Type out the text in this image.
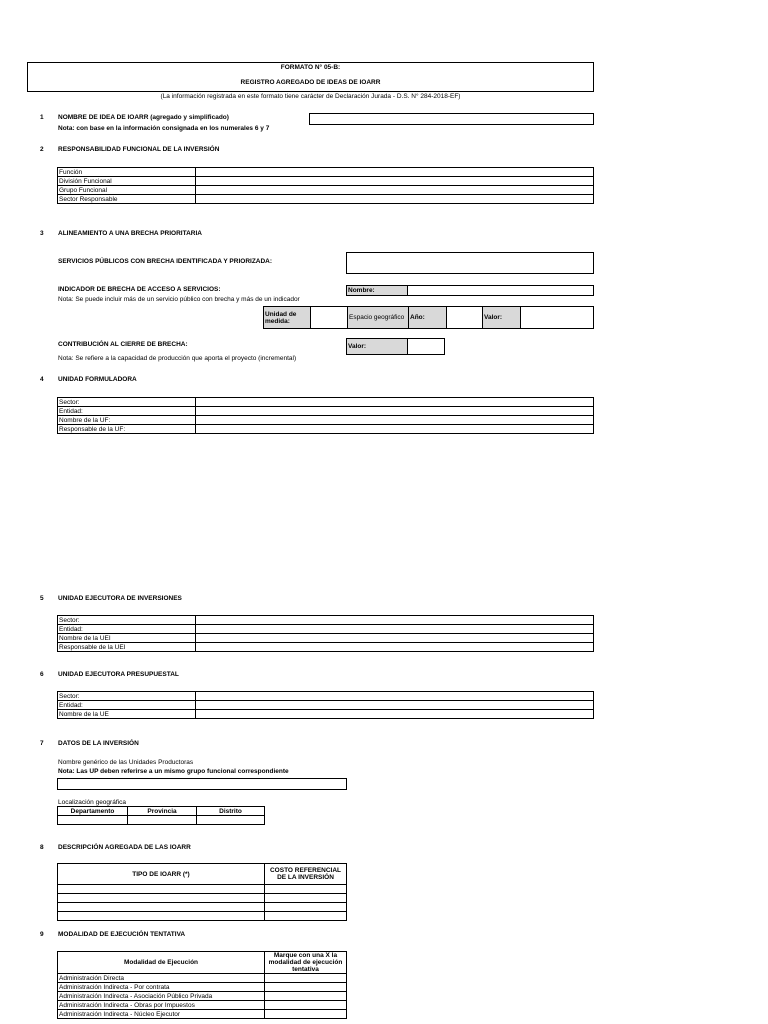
FORMATO N° 05-B:
REGISTRO AGREGADO DE IDEAS DE IOARR
(La información registrada en este formato tiene carácter de Declaración Jurada - D.S. N° 284-2018-EF)
1 NOMBRE DE IDEA DE IOARR (agregado y simplificado)
Nota: con base en la información consignada en los numerales 6 y 7
2 RESPONSABILIDAD FUNCIONAL DE LA INVERSIÓN
Función	
División Funcional	
Grupo Funcional	
Sector Responsable	
3 ALINEAMIENTO A UNA BRECHA PRIORITARIA
SERVICIOS PÚBLICOS CON BRECHA IDENTIFICADA Y PRIORIZADA:
INDICADOR DE BRECHA DE ACCESO A SERVICIOS:
Nota: Se puede incluir más de un servicio público con brecha y más de un indicador
Nombre:
Unidad de medida:		Espacio geográfico	Año:		Valor:	
CONTRIBUCIÓN AL CIERRE DE BRECHA:
Nota: Se refiere a la capacidad de producción que aporta el proyecto (incremental)
Valor:
4 UNIDAD FORMULADORA
Sector:	
Entidad:	
Nombre de la UF:	
Responsable de la UF:	
5 UNIDAD EJECUTORA DE INVERSIONES
Sector:	
Entidad:	
Nombre de la UEI	
Responsable de la UEI	
6 UNIDAD EJECUTORA PRESUPUESTAL
Sector:	
Entidad:	
Nombre de la UE	
7 DATOS DE LA INVERSIÓN
Nombre genérico de las Unidades Productoras
Nota: Las UP deben referirse a un mismo grupo funcional correspondiente
Localización geográfica
Departamento	Provincia	Distrito

8 DESCRIPCIÓN AGREGADA DE LAS IOARR
TIPO DE IOARR (*)	COSTO REFERENCIAL DE LA INVERSIÓN

9 MODALIDAD DE EJECUCIÓN TENTATIVA
Modalidad de Ejecución	Marque con una X la modalidad de ejecución tentativa
Administración Directa	
Administración Indirecta - Por contrata	
Administración Indirecta - Asociación Público Privada	
Administración Indirecta - Obras por Impuestos	
Administración Indirecta - Núcleo Ejecutor	
